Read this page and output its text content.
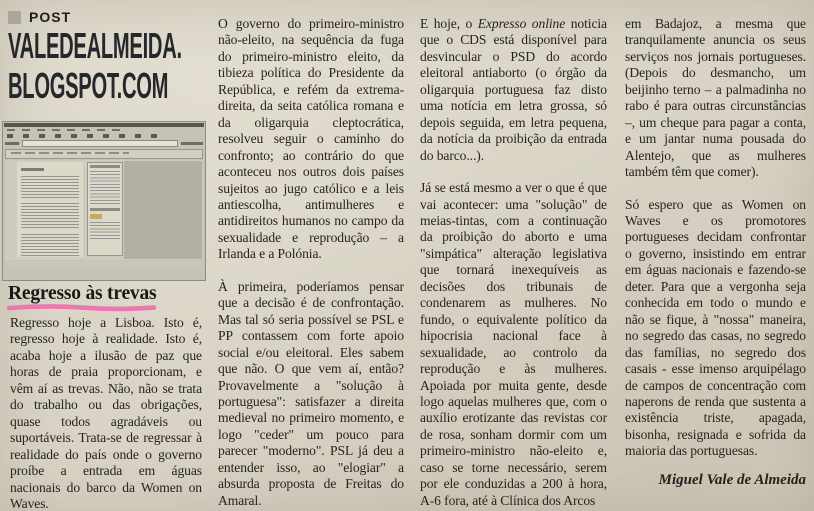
POST
VALEDEALMEIDA.
BLOGSPOT.COM
Regresso às trevas

Regresso hoje a Lisboa. Isto é, regresso hoje à realidade. Isto é, acaba hoje a ilusão de paz que horas de praia proporcionam, e vêm aí as trevas. Não, não se trata do trabalho ou das obrigações, quase todos agradáveis ou suportáveis. Trata-se de regressar à realidade do país onde o governo proíbe a entrada em águas nacionais do barco da Women on Waves.

O governo do primeiro-ministro não-eleito, na sequência da fuga do primeiro-ministro eleito, da tibieza política do Presidente da República, e refém da extrema-direita, da seita católica romana e da oligarquia cleptocrática, resolveu seguir o caminho do confronto; ao contrário do que aconteceu nos outros dois países sujeitos ao jugo católico e a leis antiescolha, antimulheres e antidireitos humanos no campo da sexualidade e reprodução – a Irlanda e a Polónia.

À primeira, poderíamos pensar que a decisão é de confrontação. Mas tal só seria possível se PSL e PP contassem com forte apoio social e/ou eleitoral. Eles sabem que não. O que vem aí, então? Provavelmente a "solução à portuguesa": satisfazer a direita medieval no primeiro momento, e logo "ceder" um pouco para parecer "moderno". PSL já deu a entender isso, ao "elogiar" a absurda proposta de Freitas do Amaral.

E hoje, o Expresso online noticia que o CDS está disponível para desvincular o PSD do acordo eleitoral antiaborto (o órgão da oligarquia portuguesa faz disto uma notícia em letra grossa, só depois seguida, em letra pequena, da notícia da proibição da entrada do barco...).

Já se está mesmo a ver o que é que vai acontecer: uma "solução" de meias-tintas, com a continuação da proibição do aborto e uma "simpática" alteração legislativa que tornará inexequíveis as decisões dos tribunais de condenarem as mulheres. No fundo, o equivalente político da hipocrisia nacional face à sexualidade, ao controlo da reprodução e às mulheres. Apoiada por muita gente, desde logo aquelas mulheres que, com o auxílio erotizante das revistas cor de rosa, sonham dormir com um primeiro-ministro não-eleito e, caso se torne necessário, serem por ele conduzidas a 200 à hora, A-6 fora, até à Clínica dos Arcos

em Badajoz, a mesma que tranquilamente anuncia os seus serviços nos jornais portugueses. (Depois do desmancho, um beijinho terno – a palmadinha no rabo é para outras circunstâncias –, um cheque para pagar a conta, e um jantar numa pousada do Alentejo, que as mulheres também têm que comer).

Só espero que as Women on Waves e os promotores portugueses decidam confrontar o governo, insistindo em entrar em águas nacionais e fazendo-se deter. Para que a vergonha seja conhecida em todo o mundo e não se fique, à "nossa" maneira, no segredo das casas, no segredo das famílias, no segredo dos casais - esse imenso arquipélago de campos de concentração com naperons de renda que sustenta a existência triste, apagada, bisonha, resignada e sofrida da maioria das portuguesas.

Miguel Vale de Almeida
